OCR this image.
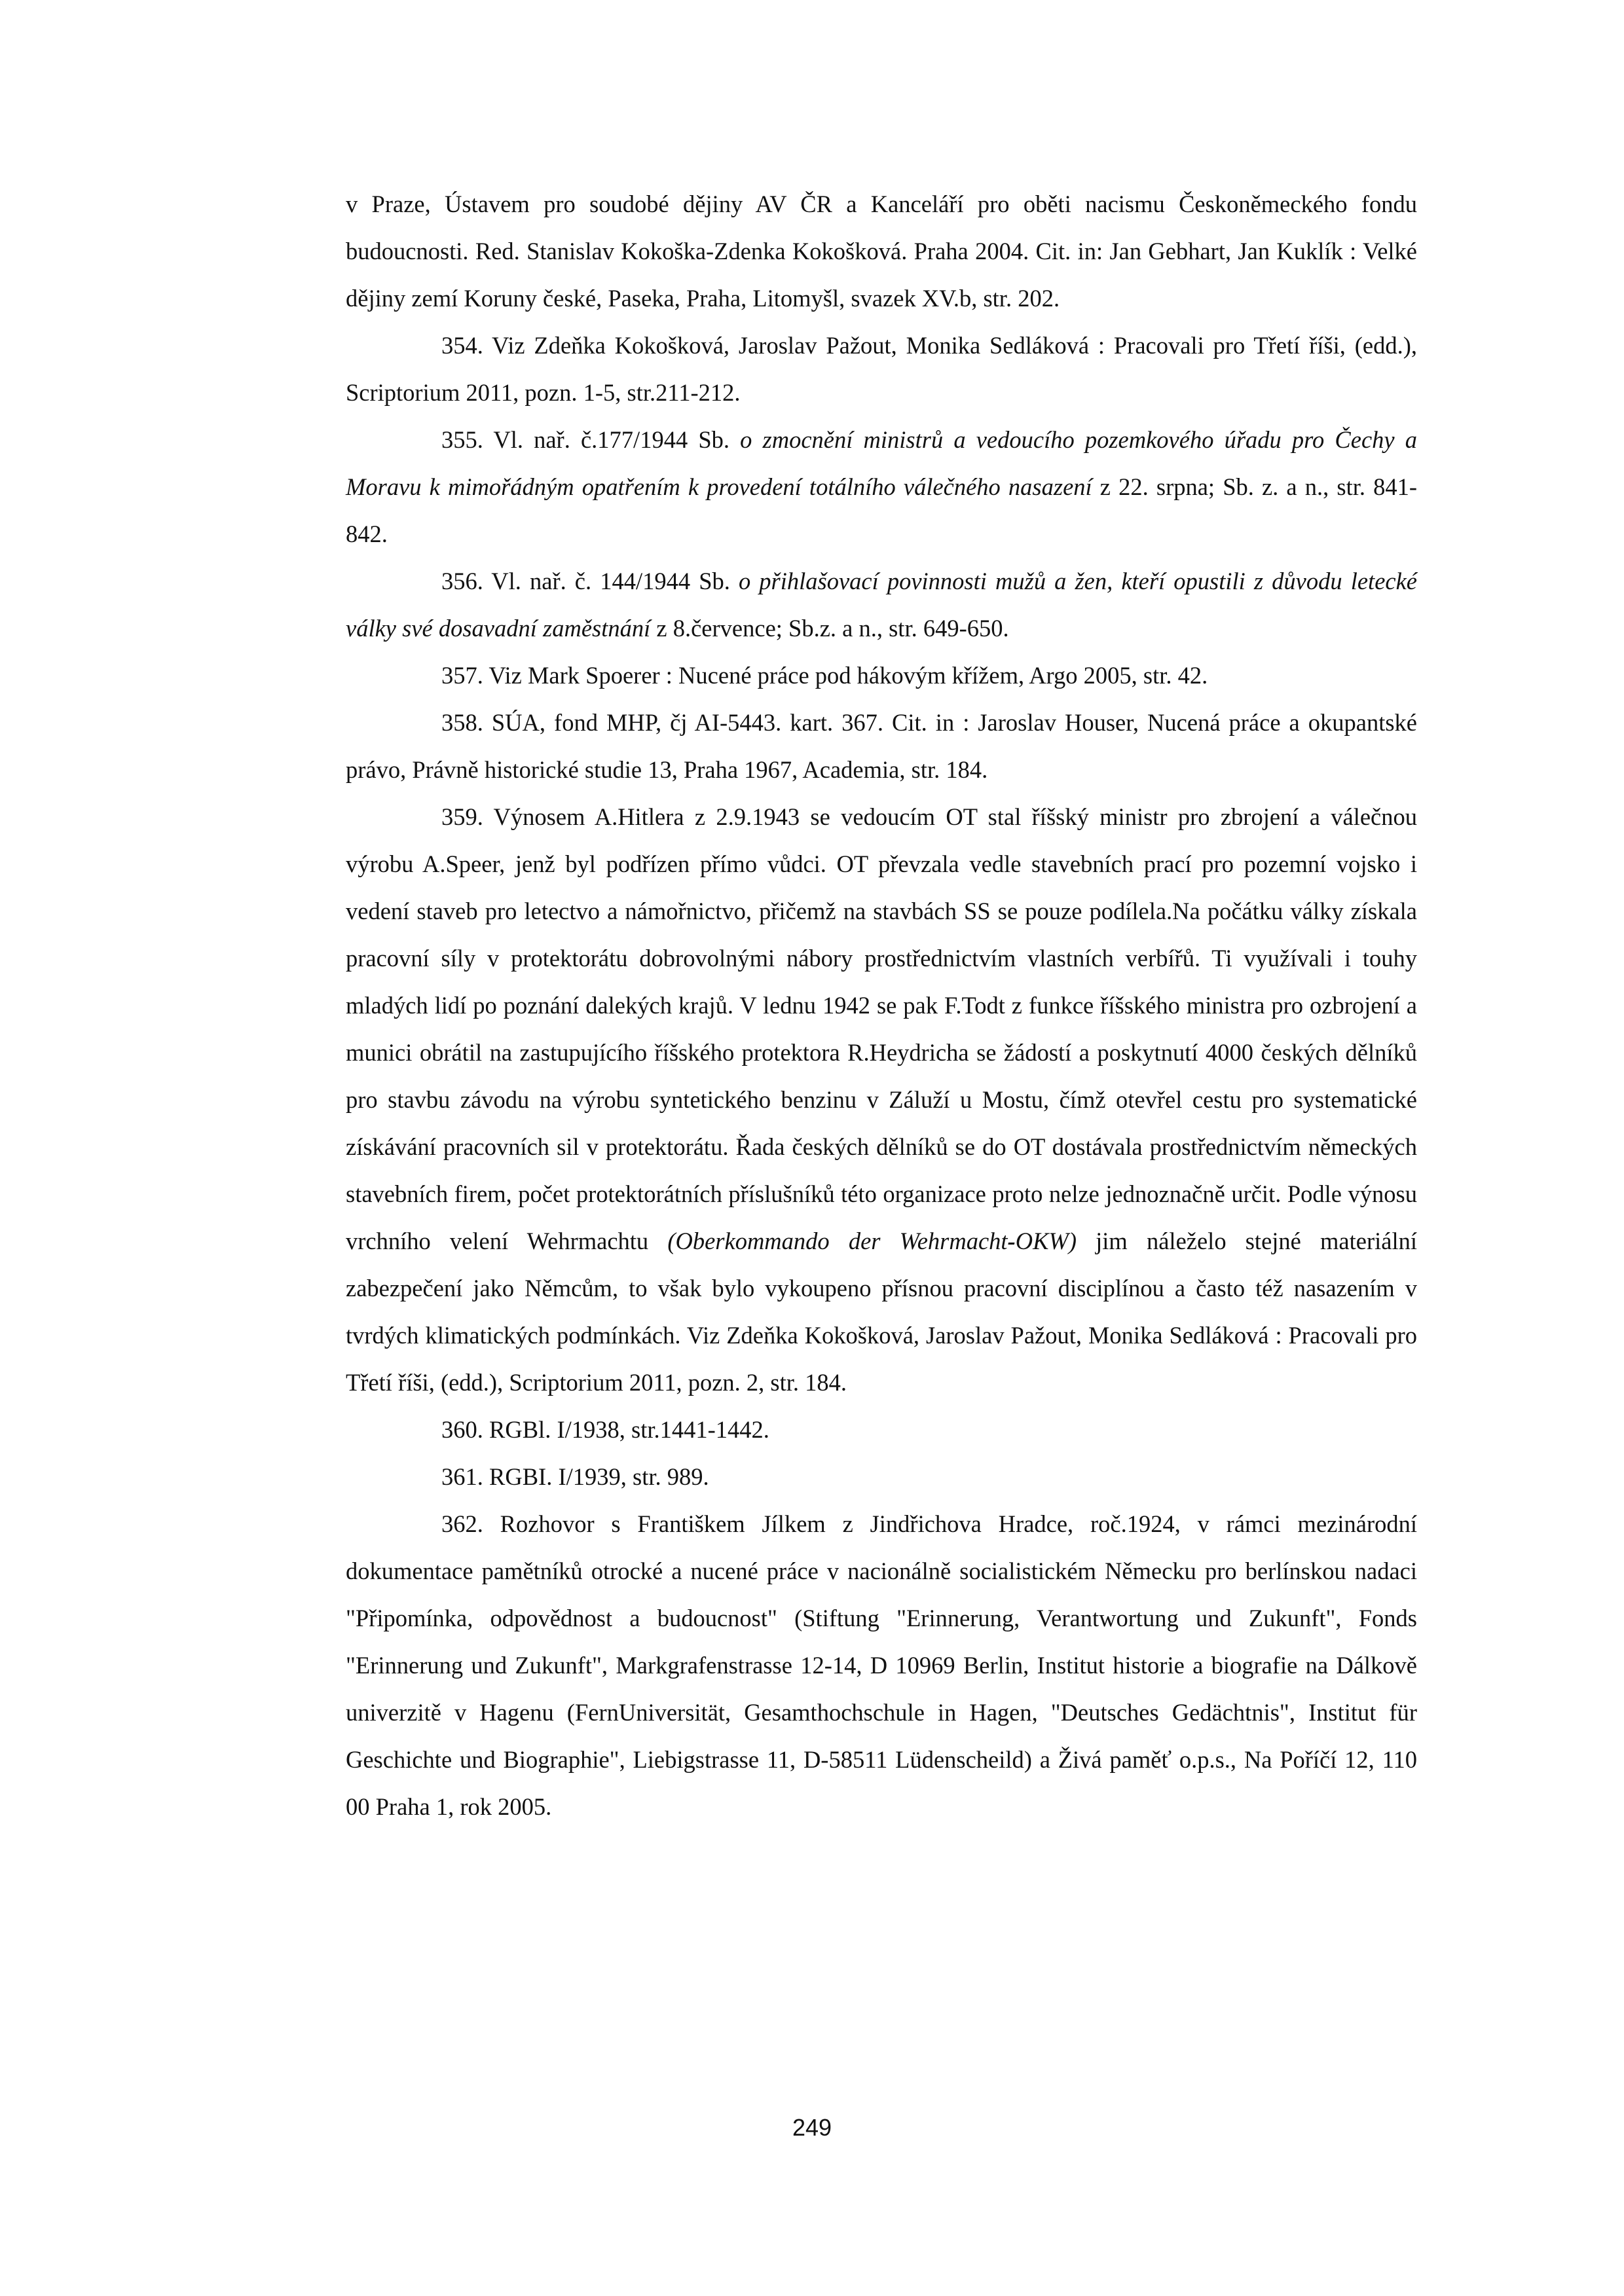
v Praze, Ústavem pro soudobé dějiny AV ČR a Kanceláří pro oběti nacismu Českoněmeckého fondu budoucnosti. Red. Stanislav Kokoška-Zdenka Kokošková. Praha 2004. Cit. in: Jan Gebhart, Jan Kuklík : Velké dějiny zemí Koruny české, Paseka, Praha, Litomyšl, svazek XV.b, str. 202.

354. Viz Zdeňka Kokošková, Jaroslav Pažout, Monika Sedláková : Pracovali pro Třetí říši, (edd.), Scriptorium 2011, pozn. 1-5, str.211-212.

355. Vl. nař. č.177/1944 Sb. o zmocnění ministrů a vedoucího pozemkového úřadu pro Čechy a Moravu k mimořádným opatřením k provedení totálního válečného nasazení z 22. srpna; Sb. z. a n., str. 841-842.

356. Vl. nař. č. 144/1944 Sb. o přihlašovací povinnosti mužů a žen, kteří opustili z důvodu letecké války své dosavadní zaměstnání z 8.července; Sb.z. a n., str. 649-650.

357. Viz Mark Spoerer : Nucené práce pod hákovým křížem, Argo 2005, str. 42.

358. SÚA, fond MHP, čj AI-5443. kart. 367. Cit. in : Jaroslav Houser, Nucená práce a okupantské právo, Právně historické studie 13, Praha 1967, Academia, str. 184.

359. Výnosem A.Hitlera z 2.9.1943 se vedoucím OT stal říšský ministr pro zbrojení a válečnou výrobu A.Speer, jenž byl podřízen přímo vůdci. OT převzala vedle stavebních prací pro pozemní vojsko i vedení staveb pro letectvo a námořnictvo, přičemž na stavbách SS se pouze podílela.Na počátku války získala pracovní síly v protektorátu dobrovolnými nábory prostřednictvím vlastních verbířů. Ti využívali i touhy mladých lidí po poznání dalekých krajů. V lednu 1942 se pak F.Todt z funkce říšského ministra pro ozbrojení a munici obrátil na zastupujícího říšského protektora R.Heydricha se žádostí a poskytnutí 4000 českých dělníků pro stavbu závodu na výrobu syntetického benzinu v Záluží u Mostu, čímž otevřel cestu pro systematické získávání pracovních sil v protektorátu. Řada českých dělníků se do OT dostávala prostřednictvím německých stavebních firem, počet protektorátních příslušníků této organizace proto nelze jednoznačně určit. Podle výnosu vrchního velení Wehrmachtu (Oberkommando der Wehrmacht-OKW) jim náleželo stejné materiální zabezpečení jako Němcům, to však bylo vykoupeno přísnou pracovní disciplínou a často též nasazením v tvrdých klimatických podmínkách. Viz Zdeňka Kokošková, Jaroslav Pažout, Monika Sedláková : Pracovali pro Třetí říši, (edd.), Scriptorium 2011, pozn. 2, str. 184.

360. RGBl. I/1938, str.1441-1442.

361. RGBI. I/1939, str. 989.

362. Rozhovor s Františkem Jílkem z Jindřichova Hradce, roč.1924, v rámci mezinárodní dokumentace pamětníků otrocké a nucené práce v nacionálně socialistickém Německu pro berlínskou nadaci "Připomínka, odpovědnost a budoucnost" (Stiftung "Erinnerung, Verantwortung und Zukunft", Fonds "Erinnerung und Zukunft", Markgrafenstrasse 12-14, D 10969 Berlin, Institut historie a biografie na Dálkově univerzitě v Hagenu (FernUniversität, Gesamthochschule in Hagen, "Deutsches Gedächtnis", Institut für Geschichte und Biographie", Liebigstrasse 11, D-58511 Lüdenscheild) a Živá paměť o.p.s., Na Poříčí 12, 110 00 Praha 1, rok 2005.

249
